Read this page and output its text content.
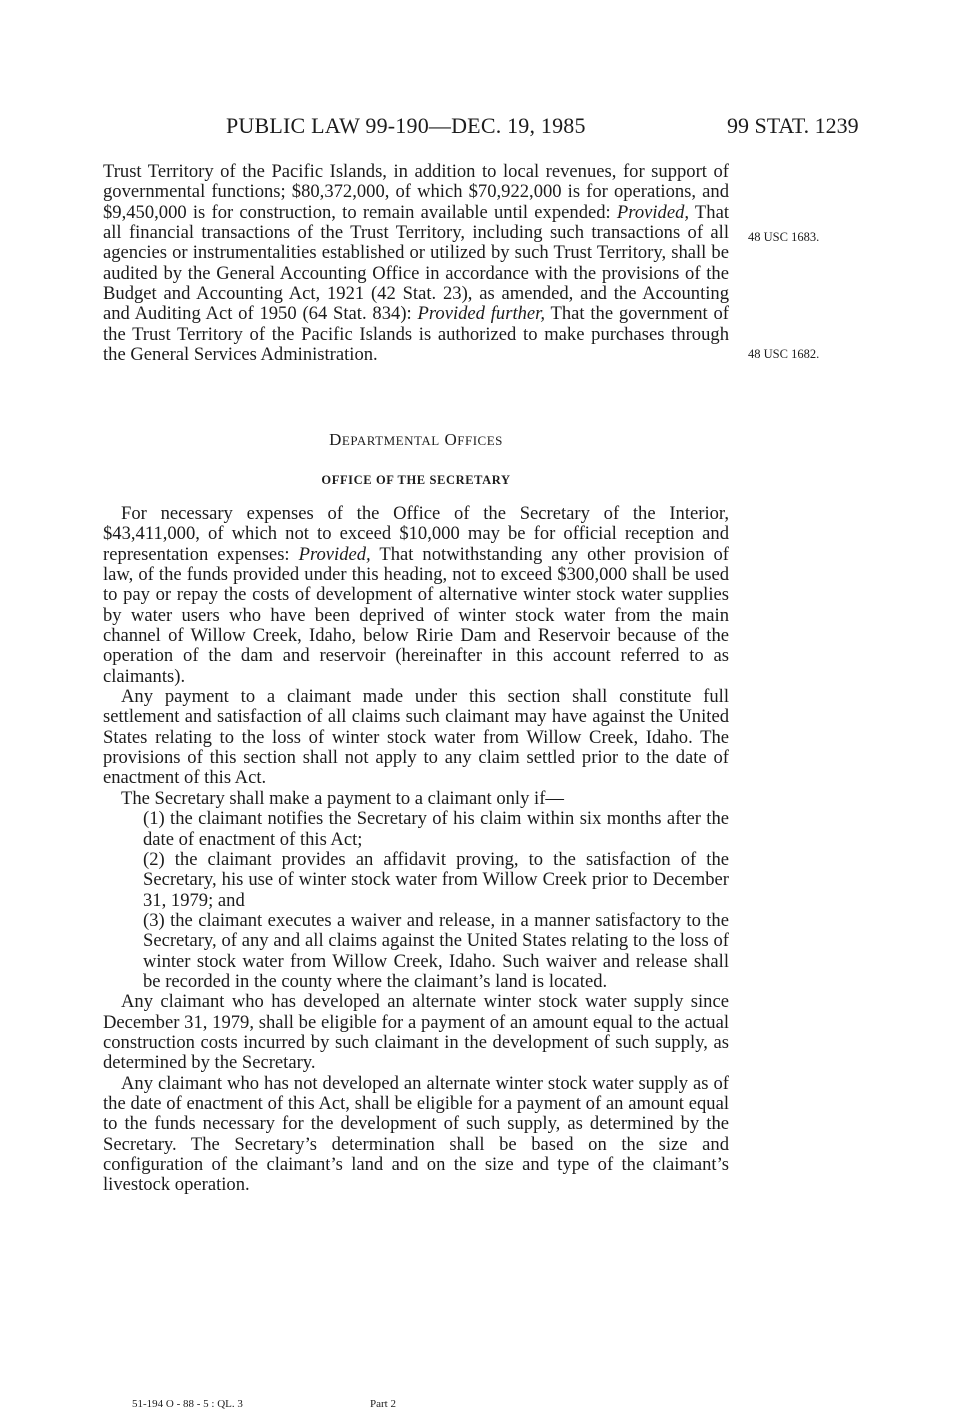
PUBLIC LAW 99-190—DEC. 19, 1985	99 STAT. 1239

Trust Territory of the Pacific Islands, in addition to local revenues, for support of governmental functions; $80,372,000, of which $70,922,000 is for operations, and $9,450,000 is for construction, to remain available until expended: Provided, That all financial transactions of the Trust Territory, including such transactions of all agencies or instrumentalities established or utilized by such Trust Territory, shall be audited by the General Accounting Office in accordance with the provisions of the Budget and Accounting Act, 1921 (42 Stat. 23), as amended, and the Accounting and Auditing Act of 1950 (64 Stat. 834): Provided further, That the government of the Trust Territory of the Pacific Islands is authorized to make purchases through the General Services Administration.

48 USC 1683.
48 USC 1682.
DEPARTMENTAL OFFICES
OFFICE OF THE SECRETARY

For necessary expenses of the Office of the Secretary of the Interior, $43,411,000, of which not to exceed $10,000 may be for official reception and representation expenses: Provided, That notwithstanding any other provision of law, of the funds provided under this heading, not to exceed $300,000 shall be used to pay or repay the costs of development of alternative winter stock water supplies by water users who have been deprived of winter stock water from the main channel of Willow Creek, Idaho, below Ririe Dam and Reservoir because of the operation of the dam and reservoir (hereinafter in this account referred to as claimants).

Any payment to a claimant made under this section shall constitute full settlement and satisfaction of all claims such claimant may have against the United States relating to the loss of winter stock water from Willow Creek, Idaho. The provisions of this section shall not apply to any claim settled prior to the date of enactment of this Act.

The Secretary shall make a payment to a claimant only if—

(1) the claimant notifies the Secretary of his claim within six months after the date of enactment of this Act;

(2) the claimant provides an affidavit proving, to the satisfaction of the Secretary, his use of winter stock water from Willow Creek prior to December 31, 1979; and

(3) the claimant executes a waiver and release, in a manner satisfactory to the Secretary, of any and all claims against the United States relating to the loss of winter stock water from Willow Creek, Idaho. Such waiver and release shall be recorded in the county where the claimant’s land is located.

Any claimant who has developed an alternate winter stock water supply since December 31, 1979, shall be eligible for a payment of an amount equal to the actual construction costs incurred by such claimant in the development of such supply, as determined by the Secretary.

Any claimant who has not developed an alternate winter stock water supply as of the date of enactment of this Act, shall be eligible for a payment of an amount equal to the funds necessary for the development of such supply, as determined by the Secretary. The Secretary’s determination shall be based on the size and configuration of the claimant’s land and on the size and type of the claimant’s livestock operation.

51-194 O - 88 - 5 : QL. 3	Part 2
